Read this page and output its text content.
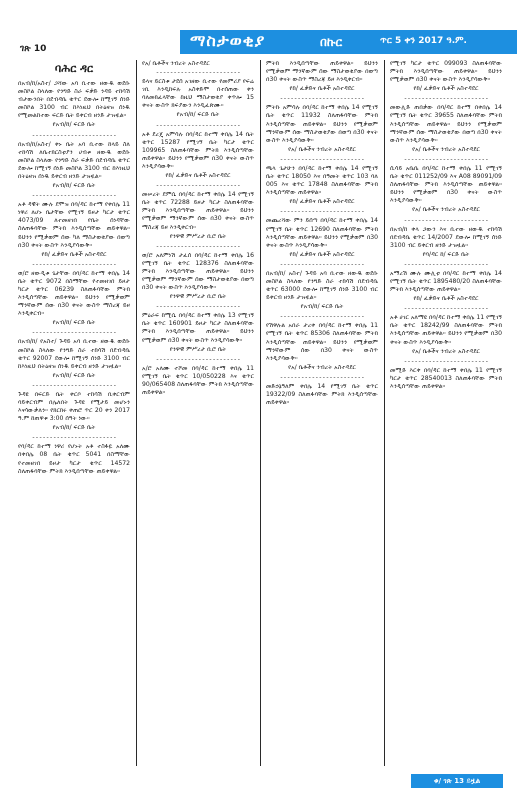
ገጽ 10	ማስታወቂያ	በኩር	ጥር 5 ቀን 2017 ዓ.ም.
ባሕር ዳር

በአብ/ከ/አስተ/ ጋሻው አባ ቢተው ዘውዱ ወደቡ መስኮል ስላለው የንግድ ስራ ፍቃድ ንዳይ ተከሳሽ ብታውንበት በደብዳቤ ቁጥር ደውሎ ከሚገኝ ሰነድ መስኮል 3100 ብር ከእነዚህ በትዕዛዝ ሰነዱ የሚመልከተው ፍርድ ቤት ይቀርብ ዘንድ ታዝዟል።

የአብ/ከ/ ፍርድ ቤት
- - - - - - - - - - - - - - - - - - - - - - - -

በአብ/ከ/አስተ/ ቀኑ ቤት አባ ቢተው ከላይ ስለ ተከሳሽ ለቤተክርስቲያን ሀብቱ ዘውዱ ወደቡ መስኮል ስላለው የንግድ ስራ ፍቃድ በደብዳቤ ቁጥር ደውሎ ከሚገኝ ሰነድ መስኮል 3100 ብር ከእነዚህ በትዕዛዝ ሰነዱ ይቀርብ ዘንድ ታዝዟል።

የአብ/ከ/ ፍርድ ቤት
- - - - - - - - - - - - - - - - - - - - - - - -

አቶ ዳዊት ሙሉ ደሞዝ በባ/ዳር ከተማ የቀበሌ 11 ነዋሪ ለሆኑ ቤታቸው የሚገኝ ይዞታ ካርታ ቁጥር 4073/09 ለተመዘገበ የቤት ሰነዳቸው ስለጠፋባቸው ምትክ እንዲሰጣቸው ጠይቀዋል። ይህንን የሚቃወም ሰው ካለ ማስታወቂያው በወጣ በ30 ቀናት ውስጥ እንዲያሳውቅ።

የከ/ ፈቃድና ቤቶች አስተዳደር
- - - - - - - - - - - - - - - - - - - - - - - -

ወ/ሮ ዘውዲቱ ጌታቸው በባ/ዳር ከተማ ቀበሌ 14 ቤት ቁጥር 9072 በስማቸው የተመዘገበ ይዞታ ካርታ ቁጥር 06239 ስለጠፋባቸው ምትክ እንዲሰጣቸው ጠይቀዋል። ይህንን የሚቃወም ማንኛውም ሰው በ30 ቀናት ውስጥ ማስረጃ ይዞ እንዲቀርብ።

የአብ/ከ/ ፍርድ ቤት
- - - - - - - - - - - - - - - - - - - - - - - -

በአብ/ከ/ የአስተ/ ጉዳይ አባ ቢተው ዘውዱ ወደቡ መስኮል ስላለው የንግድ ስራ ተከሳሽ በደብዳቤ ቁጥር 92007 ደውሎ ከሚገኝ ሰነድ 3100 ብር ከእነዚህ በትዕዛዝ ሰነዱ ይቀርብ ዘንድ ታዝዟል።

የአብ/ከ/ ፍርድ ቤት
- - - - - - - - - - - - - - - - - - - - - - - -

ጉዳዩ በፍርድ ቤት ቀርቦ ተከሳሽ ቢቀርብም ባይቀርብም በሌለበት ጉዳዩ የሚታይ መሆኑን እናሳውቃለን። የክርክሩ ቀጠሮ ጥር 20 ቀን 2017 ዓ.ም ከጠዋቱ 3:00 ሰዓት ነው።

የአብ/ከ/ ፍርድ ቤት
- - - - - - - - - - - - - - - - - - - - - - - -

የባ/ዳር ከተማ ነዋሪ የሆኑት አቶ ተስፋዬ አለሙ በቀበሌ 08 ቤት ቁጥር 5041 በስማቸው የተመዘገበ ይዞታ ካርታ ቁጥር 14572 ስለጠፋባቸው ምትክ እንዲሰጣቸው ጠይቀዋል።

የአ/ ቤቶችና ንብረት አስተዳደር

- - - - - - - - - - - - - - - - - - - - - - - -

ይላና ይርስቱ ታደሰ አገዘው ቢተው የመምሪያ የፍሬ ገቢ እንዲከፍሉ አስቀድሞ በተሰጠው ቀን ባለመክፈላቸው ከዚህ ማስታወቂያ ቀጥሎ 15 ቀናት ውስጥ ክፍያውን እንዲፈጽሙ።

የአብ/ከ/ ፍርድ ቤት
- - - - - - - - - - - - - - - - - - - - - - - -

አቶ ደረጄ አምሳሉ በባ/ዳር ከተማ ቀበሌ 14 ቤት ቁጥር 15287 የሚገኝ ቤት ካርታ ቁጥር 109965 ስለጠፋባቸው ምትክ እንዲሰጣቸው ጠይቀዋል። ይህንን የሚቃወም በ30 ቀናት ውስጥ እንዲያሳውቅ።

የከ/ ፈቃድና ቤቶች አስተዳደር
- - - - - - - - - - - - - - - - - - - - - - - -

መሠረት ደምሴ በባ/ዳር ከተማ ቀበሌ 14 የሚገኝ ቤት ቁጥር 72288 ይዞታ ካርታ ስለጠፋባቸው ምትክ እንዲሰጣቸው ጠይቀዋል። ይህንን የሚቃወም ማንኛውም ሰው በ30 ቀናት ውስጥ ማስረጃ ይዞ እንዲቀርብ።

የንዋዊ ምሥረታ ቢሮ ቤት
- - - - - - - - - - - - - - - - - - - - - - - -

ወ/ሮ አለምነሽ ታፈሰ በባ/ዳር ከተማ ቀበሌ 16 የሚገኝ ቤት ቁጥር 128376 ስለጠፋባቸው ምትክ እንዲሰጣቸው ጠይቀዋል። ይህንን የሚቃወም ማንኛውም ሰው ማስታወቂያው በወጣ በ30 ቀናት ውስጥ እንዲያሳውቅ።

የንዋዊ ምሥረታ ቢሮ ቤት
- - - - - - - - - - - - - - - - - - - - - - - -

ምዕራፍ ከሚሴ በባ/ዳር ከተማ ቀበሌ 13 የሚገኝ ቤት ቁጥር 160901 ይዞታ ካርታ ስለጠፋባቸው ምትክ እንዲሰጣቸው ጠይቀዋል። ይህንን የሚቃወም በ30 ቀናት ውስጥ እንዲያሳውቅ።

የንዋዊ ምሥረታ ቢሮ ቤት
- - - - - - - - - - - - - - - - - - - - - - - -

አ/ሮ አለሙ ተሾመ በባ/ዳር ከተማ ቀበሌ 11 የሚገኝ ቤት ቁጥር 10/050228 እና ቁጥር 90/065408 ስለጠፋባቸው ምትክ እንዲሰጣቸው ጠይቀዋል።

ምትክ እንዲሰጣቸው ጠይቀዋል። ይህንን የሚቃወም ማንኛውም ሰው ማስታወቂያው በወጣ በ30 ቀናት ውስጥ ማስረጃ ይዞ እንዲቀርብ።

የከ/ ፈቃድና ቤቶች አስተዳደር
- - - - - - - - - - - - - - - - - - - - - - - -

ምትኩ አምሳሉ በባ/ዳር ከተማ ቀበሌ 14 የሚገኝ ቤት ቁጥር 11932 ስለጠፋባቸው ምትክ እንዲሰጣቸው ጠይቀዋል። ይህንን የሚቃወም ማንኛውም ሰው ማስታወቂያው በወጣ በ30 ቀናት ውስጥ እንዲያሳውቅ።

የአ/ ቤቶችና ንብረት አስተዳደር
- - - - - - - - - - - - - - - - - - - - - - - -

ጫላ ጌታሁን በባ/ዳር ከተማ ቀበሌ 14 የሚገኝ ቤት ቁጥር 18050 እና በዓመት ቁጥር 103 ባለ 005 እና ቁጥር 17848 ስለጠፋባቸው ምትክ እንዲሰጣቸው ጠይቀዋል።

የከ/ ፈቃድና ቤቶች አስተዳደር
- - - - - - - - - - - - - - - - - - - - - - - -

መጨረሻው ምን ይሰጣ በባ/ዳር ከተማ ቀበሌ 14 የሚገኝ ቤት ቁጥር 12690 ስለጠፋባቸው ምትክ እንዲሰጣቸው ጠይቀዋል። ይህንን የሚቃወም በ30 ቀናት ውስጥ እንዲያሳውቅ።

የከ/ ፈቃድና ቤቶች አስተዳደር
- - - - - - - - - - - - - - - - - - - - - - - -

በአብ/ከ/ አስተ/ ጉዳይ አባ ቢተው ዘውዱ ወደቡ መስኮል ስላለው የንግድ ስራ ተከሳሽ በደብዳቤ ቁጥር 63000 ደውሎ ከሚገኝ ሰነድ 3100 ብር ይቀርብ ዘንድ ታዝዟል።

የአብ/ከ/ ፍርድ ቤት
- - - - - - - - - - - - - - - - - - - - - - - -

የሽዋሉል አበራ ታረቀ በባ/ዳር ከተማ ቀበሌ 11 የሚገኝ ቤት ቁጥር 85306 ስለጠፋባቸው ምትክ እንዲሰጣቸው ጠይቀዋል። ይህንን የሚቃወም ማንኛውም ሰው በ30 ቀናት ውስጥ እንዲያሳውቅ።

የአ/ ቤቶችና ንብረት አስተዳደር
- - - - - - - - - - - - - - - - - - - - - - - -

መድኃኔዓለም ቀበሌ 14 የሚገኝ ቤት ቁጥር 19322/09 ስለጠፋባቸው ምትክ እንዲሰጣቸው ጠይቀዋል።

የሚገኝ ካርታ ቁጥር 099093 ስለጠፋባቸው ምትክ እንዲሰጣቸው ጠይቀዋል። ይህንን የሚቃወም በ30 ቀናት ውስጥ እንዲያሳውቅ።

የከ/ ፈቃድና ቤቶች አስተዳደር
- - - - - - - - - - - - - - - - - - - - - - - -

መውሊድ ጠበቃው በባ/ዳር ከተማ በቀበሌ 14 የሚገኝ ቤት ቁጥር 39655 ስለጠፋባቸው ምትክ እንዲሰጣቸው ጠይቀዋል። ይህንን የሚቃወም ማንኛውም ሰው ማስታወቂያው በወጣ በ30 ቀናት ውስጥ እንዲያሳውቅ።

የአ/ ቤቶችና ንብረት አስተዳደር
- - - - - - - - - - - - - - - - - - - - - - - -

ሲሳይ አቤቤ በባ/ዳር ከተማ ቀበሌ 11 የሚገኝ ቤት ቁጥር 011252/09 እና A08 89091/09 ስለጠፋባቸው ምትክ እንዲሰጣቸው ጠይቀዋል። ይህንን የሚቃወም በ30 ቀናት ውስጥ እንዲያሳውቅ።

የአ/ ቤቶችና ንብረት አስተዳደር
- - - - - - - - - - - - - - - - - - - - - - - -

በአብ/ከ ቀላ ጋውን እና ቢተው ዘውዱ ተከሳሽ በደብዳቤ ቁጥር 14/2007 ደውሎ ከሚገኝ ሰነድ 3100 ብር ይቀርብ ዘንድ ታዝዟል።

የባ/ዳር ከ/ ፍርድ ቤት
- - - - - - - - - - - - - - - - - - - - - - - -

አማረሽ ሙሉ ሙሊቲ በባ/ዳር ከተማ ቀበሌ 14 የሚገኝ ቤት ቁጥር 1895480/20 ስለጠፋባቸው ምትክ እንዲሰጣቸው ጠይቀዋል።

የከ/ ፈቃድና ቤቶች አስተዳደር
- - - - - - - - - - - - - - - - - - - - - - - -

አቶ ሀገር አለማዩ በባ/ዳር ከተማ ቀበሌ 11 የሚገኝ ቤት ቁጥር 18242/99 ስለጠፋባቸው ምትክ እንዲሰጣቸው ጠይቀዋል። ይህንን የሚቃወም በ30 ቀናት ውስጥ እንዲያሳውቅ።

የአ/ ቤቶችና ንብረት አስተዳደር
- - - - - - - - - - - - - - - - - - - - - - - -

መሚድ እርቀ በባ/ዳር ከተማ ቀበሌ 11 የሚገኝ ካርታ ቁጥር 28540013 ስለጠፋባቸው ምትክ እንዲሰጣቸው ጠይቀዋል።

ቁ/ ገጽ 13 ይዟል
